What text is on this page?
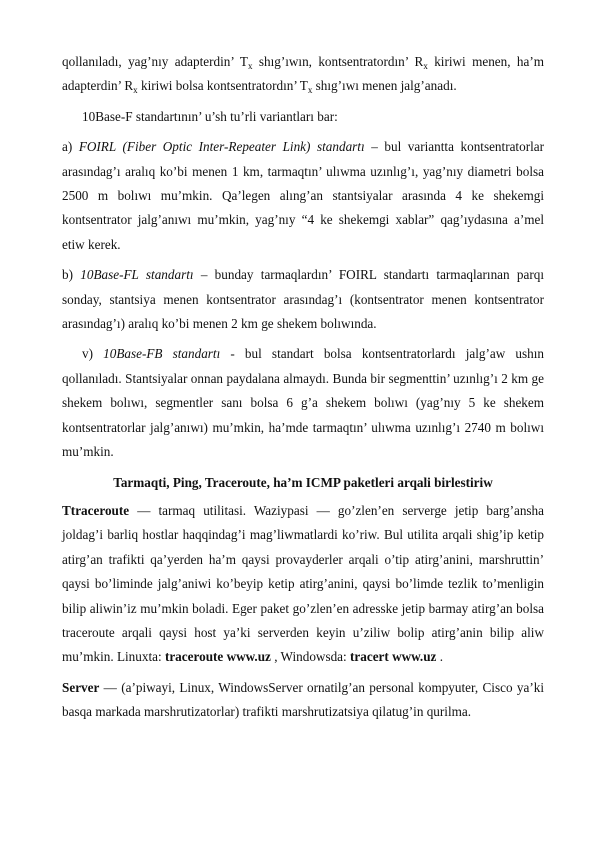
qollanıladı, yag’nıy adapterdin’ $T_x$ shıg’ıwın, kontsentratordın’ $R_x$ kiriwi menen, ha’m adapterdin’ $R_x$ kiriwi bolsa kontsentratordın’ $T_x$ shıg’ıwı menen jalg’anadı.

10Base-F standartının’ u’sh tu’rli variantları bar:

a) FOIRL (Fiber Optic Inter-Repeater Link) standartı – bul variantta kontsentratorlar arasındag’ı aralıq ko’bi menen 1 km, tarmaqtın’ ulıwma uzınlıg’ı, yag’nıy diametri bolsa 2500 m bolıwı mu’mkin. Qa’legen alıng’an stantsiyalar arasında 4 ke shekemgi kontsentrator jalg’anıwı mu’mkin, yag’nıy “4 ke shekemgi xablar” qag’ıydasına a’mel etiw kerek.

b) 10Base-FL standartı – bunday tarmaqlardın’ FOIRL standartı tarmaqlarınan parqı sonday, stantsiya menen kontsentrator arasındag’ı (kontsentrator menen kontsentrator arasındag’ı) aralıq ko’bi menen 2 km ge shekem bolıwında.

v) 10Base-FB standartı - bul standart bolsa kontsentratorlardı jalg’aw ushın qollanıladı. Stantsiyalar onnan paydalana almaydı. Bunda bir segmenttin’ uzınlıg’ı 2 km ge shekem bolıwı, segmentler sanı bolsa 6 g’a shekem bolıwı (yag’nıy 5 ke shekem kontsentratorlar jalg’anıwı) mu’mkin, ha’mde tarmaqtın’ ulıwma uzınlıg’ı 2740 m bolıwı mu’mkin.

Tarmaqti, Ping, Traceroute, ha’m ICMP paketleri arqali birlestiriw

Ttraceroute — tarmaq utilitasi. Waziypasi — go’zlen’en serverge jetip barg’ansha joldag’i barliq hostlar haqqindag’i mag’liwmatlardi ko’riw. Bul utilita arqali shig’ip ketip atirg’an trafikti qa’yerden ha’m qaysi provayderler arqali o’tip atirg’anini, marshruttin’ qaysi bo’liminde jalg’aniwi ko’beyip ketip atirg’anini, qaysi bo’limde tezlik to’menligin bilip aliwin’iz mu’mkin boladi. Eger paket go’zlen’en adresske jetip barmay atirg’an bolsa traceroute arqali qaysi host ya’ki serverden keyin u’ziliw bolip atirg’anin bilip aliw mu’mkin. Linuxta: traceroute www.uz , Windowsda: tracert www.uz .

Server — (a’piwayi, Linux, WindowsServer ornatilg’an personal kompyuter, Cisco ya’ki basqa markada marshrutizatorlar) trafikti marshrutizatsiya qilatug’in qurilma.
